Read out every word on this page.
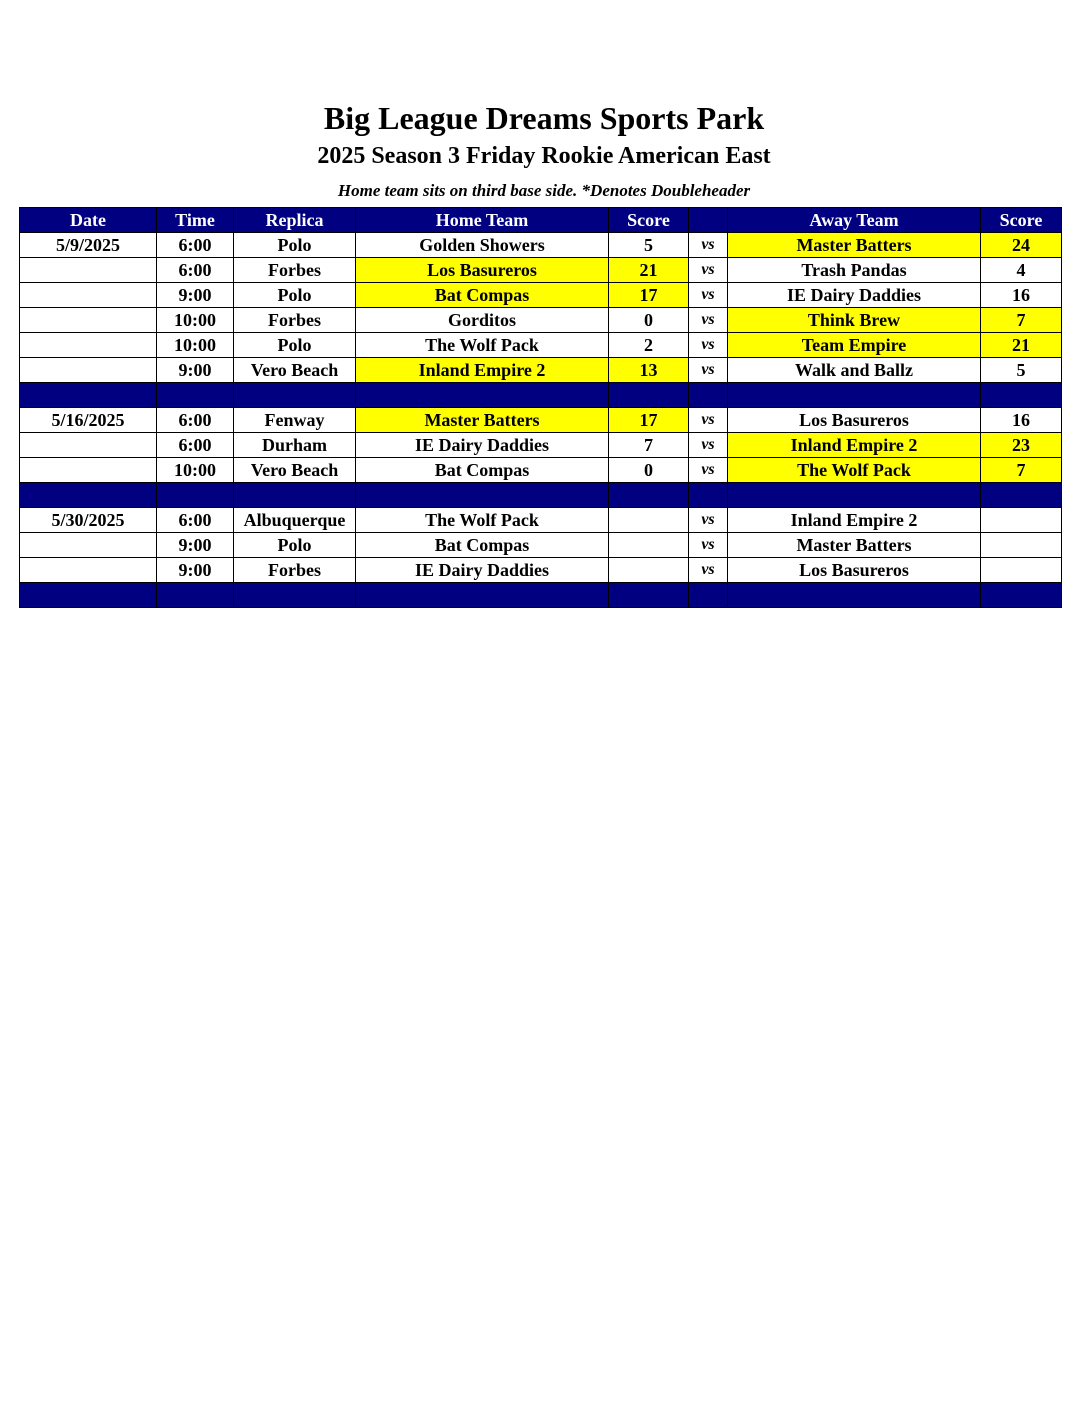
Big League Dreams Sports Park
2025 Season 3 Friday Rookie American East
Home team sits on third base side. *Denotes Doubleheader
Date	Time	Replica	Home Team	Score		Away Team	Score
5/9/2025	6:00	Polo	Golden Showers	5	vs	Master Batters	24
	6:00	Forbes	Los Basureros	21	vs	Trash Pandas	4
	9:00	Polo	Bat Compas	17	vs	IE Dairy Daddies	16
	10:00	Forbes	Gorditos	0	vs	Think Brew	7
	10:00	Polo	The Wolf Pack	2	vs	Team Empire	21
	9:00	Vero Beach	Inland Empire 2	13	vs	Walk and Ballz	5

5/16/2025	6:00	Fenway	Master Batters	17	vs	Los Basureros	16
	6:00	Durham	IE Dairy Daddies	7	vs	Inland Empire 2	23
	10:00	Vero Beach	Bat Compas	0	vs	The Wolf Pack	7

5/30/2025	6:00	Albuquerque	The Wolf Pack		vs	Inland Empire 2	
	9:00	Polo	Bat Compas		vs	Master Batters	
	9:00	Forbes	IE Dairy Daddies		vs	Los Basureros	
